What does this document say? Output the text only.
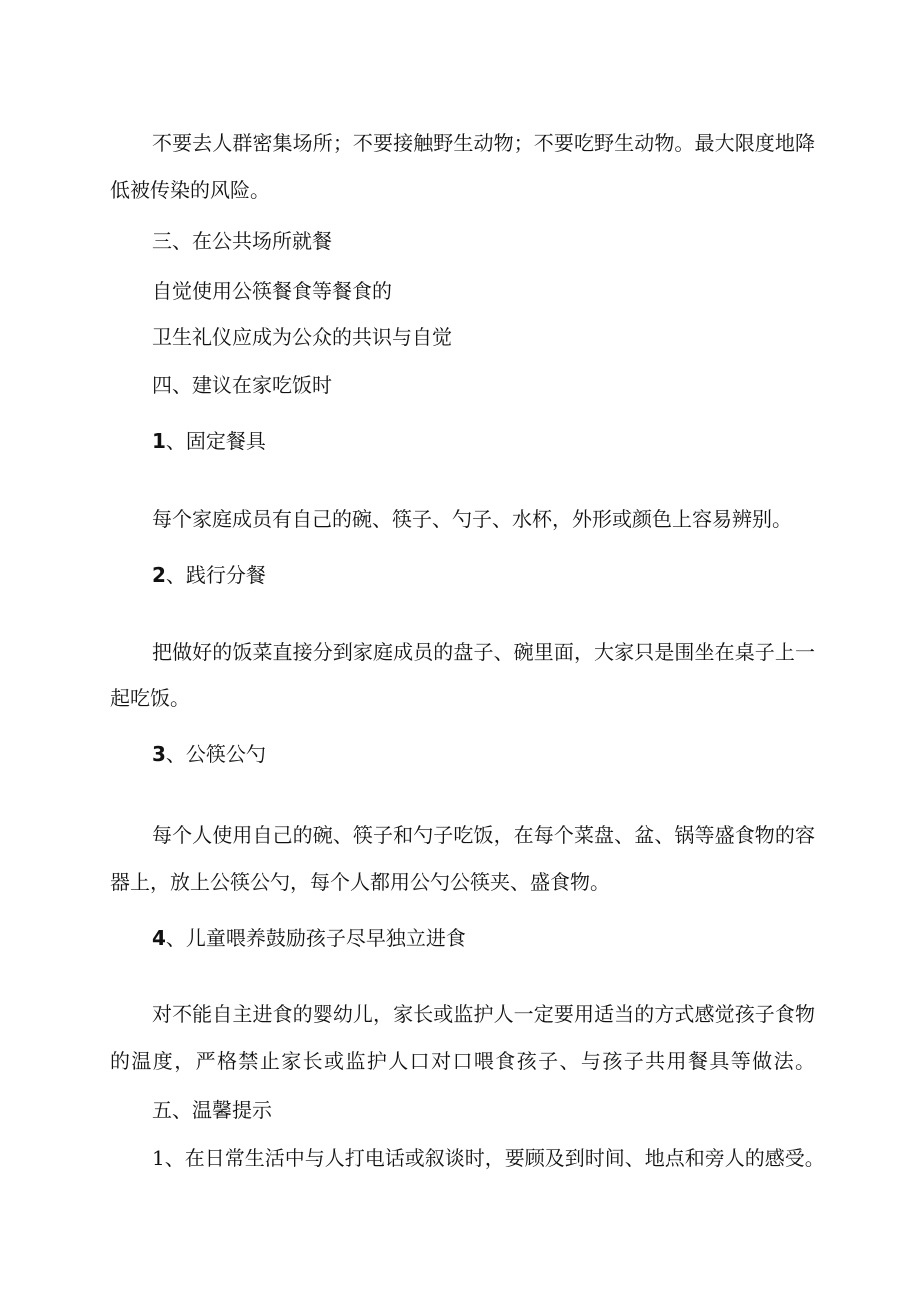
不要去人群密集场所；不要接触野生动物；不要吃野生动物。最大限度地降

低被传染的风险。

三、在公共场所就餐

自觉使用公筷餐食等餐食的

卫生礼仪应成为公众的共识与自觉

四、建议在家吃饭时

1、固定餐具

每个家庭成员有自己的碗、筷子、勺子、水杯，外形或颜色上容易辨别。

2、践行分餐

把做好的饭菜直接分到家庭成员的盘子、碗里面，大家只是围坐在桌子上一

起吃饭。

3、公筷公勺

每个人使用自己的碗、筷子和勺子吃饭，在每个菜盘、盆、锅等盛食物的容

器上，放上公筷公勺，每个人都用公勺公筷夹、盛食物。

4、儿童喂养鼓励孩子尽早独立进食

对不能自主进食的婴幼儿，家长或监护人一定要用适当的方式感觉孩子食物

的温度，严格禁止家长或监护人口对口喂食孩子、与孩子共用餐具等做法。

五、温馨提示

1、在日常生活中与人打电话或叙谈时，要顾及到时间、地点和旁人的感受。
